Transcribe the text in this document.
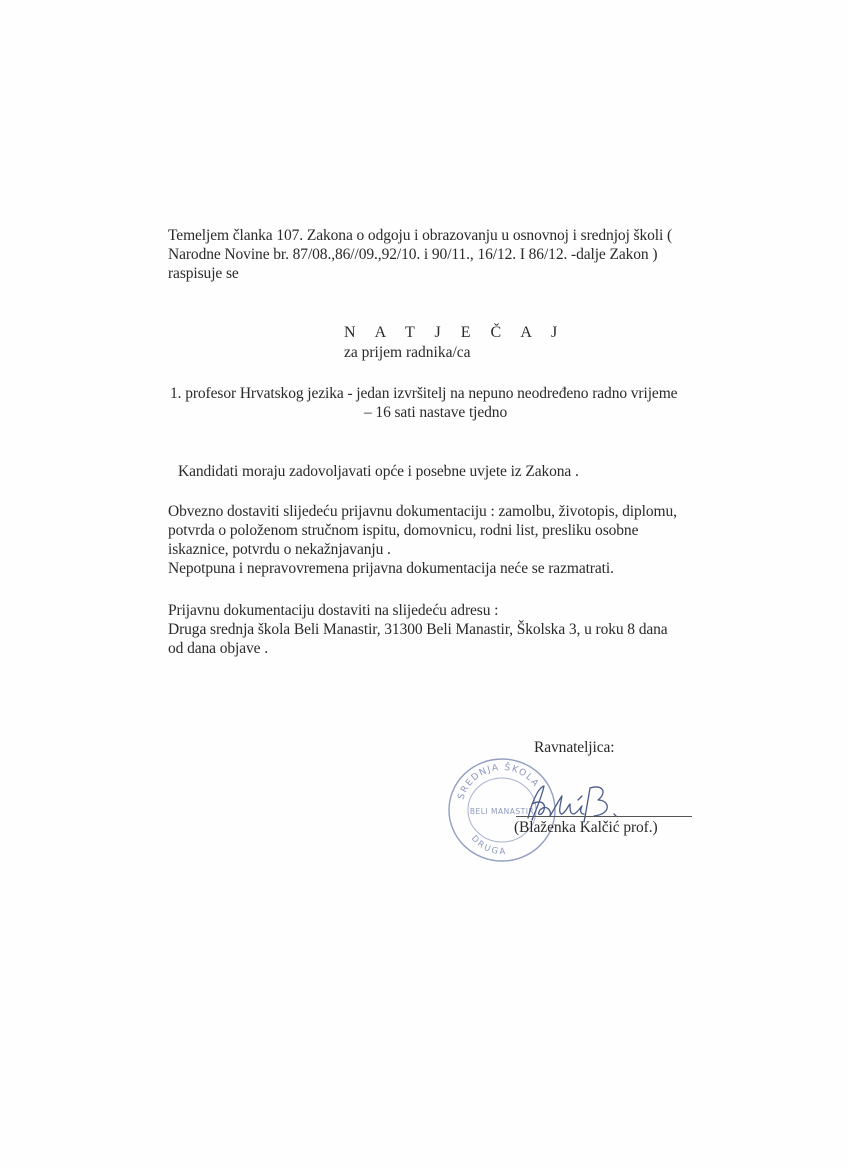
Temeljem članka 107. Zakona o odgoju i obrazovanju u osnovnoj i srednjoj školi (
Narodne Novine br. 87/08.,86//09.,92/10. i 90/11., 16/12. I 86/12. -dalje Zakon )
raspisuje se
N A T J E Č A J
za prijem radnika/ca
1. profesor Hrvatskog jezika - jedan izvršitelj na nepuno neodređeno radno vrijeme
– 16 sati nastave tjedno
Kandidati moraju zadovoljavati opće i posebne uvjete iz Zakona .
Obvezno dostaviti slijedeću prijavnu dokumentaciju : zamolbu, životopis, diplomu,
potvrda o položenom stručnom ispitu, domovnicu, rodni list, presliku osobne
iskaznice, potvrdu o nekažnjavanju .
Nepotpuna i nepravovremena prijavna dokumentacija neće se razmatrati.
Prijavnu dokumentaciju dostaviti na slijedeću adresu :
Druga srednja škola Beli Manastir, 31300 Beli Manastir, Školska 3, u roku 8 dana
od dana objave .
Ravnateljica:
SREDNJA ŠKOLA
DRUGA
BELI MANASTIR
(Blaženka Kalčić prof.)
